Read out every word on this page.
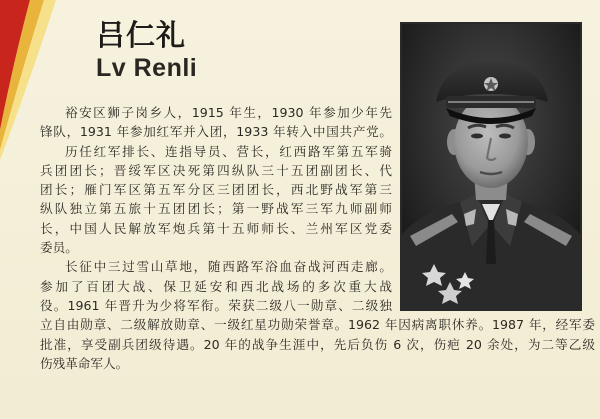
吕仁礼
Lv Renli
裕安区狮子岗乡人，1915 年生，1930 年参加少年先
锋队，1931 年参加红军并入团，1933 年转入中国共产党。
历任红军排长、连指导员、营长，红西路军第五军骑
兵团团长；晋绥军区决死第四纵队三十五团副团长、代
团长；雁门军区第五军分区三团团长，西北野战军第三
纵队独立第五旅十五团团长；第一野战军三军九师副师
长，中国人民解放军炮兵第十五师师长、兰州军区党委
委员。
长征中三过雪山草地，随西路军浴血奋战河西走廊。
参加了百团大战、保卫延安和西北战场的多次重大战
役。1961 年晋升为少将军衔。荣获二级八一勋章、二级独
立自由勋章、二级解放勋章、一级红星功勋荣誉章。1962 年因病离职休养。1987 年，经军委
批准，享受副兵团级待遇。20 年的战争生涯中，先后负伤 6 次，伤疤 20 余处，为二等乙级
伤残革命军人。
